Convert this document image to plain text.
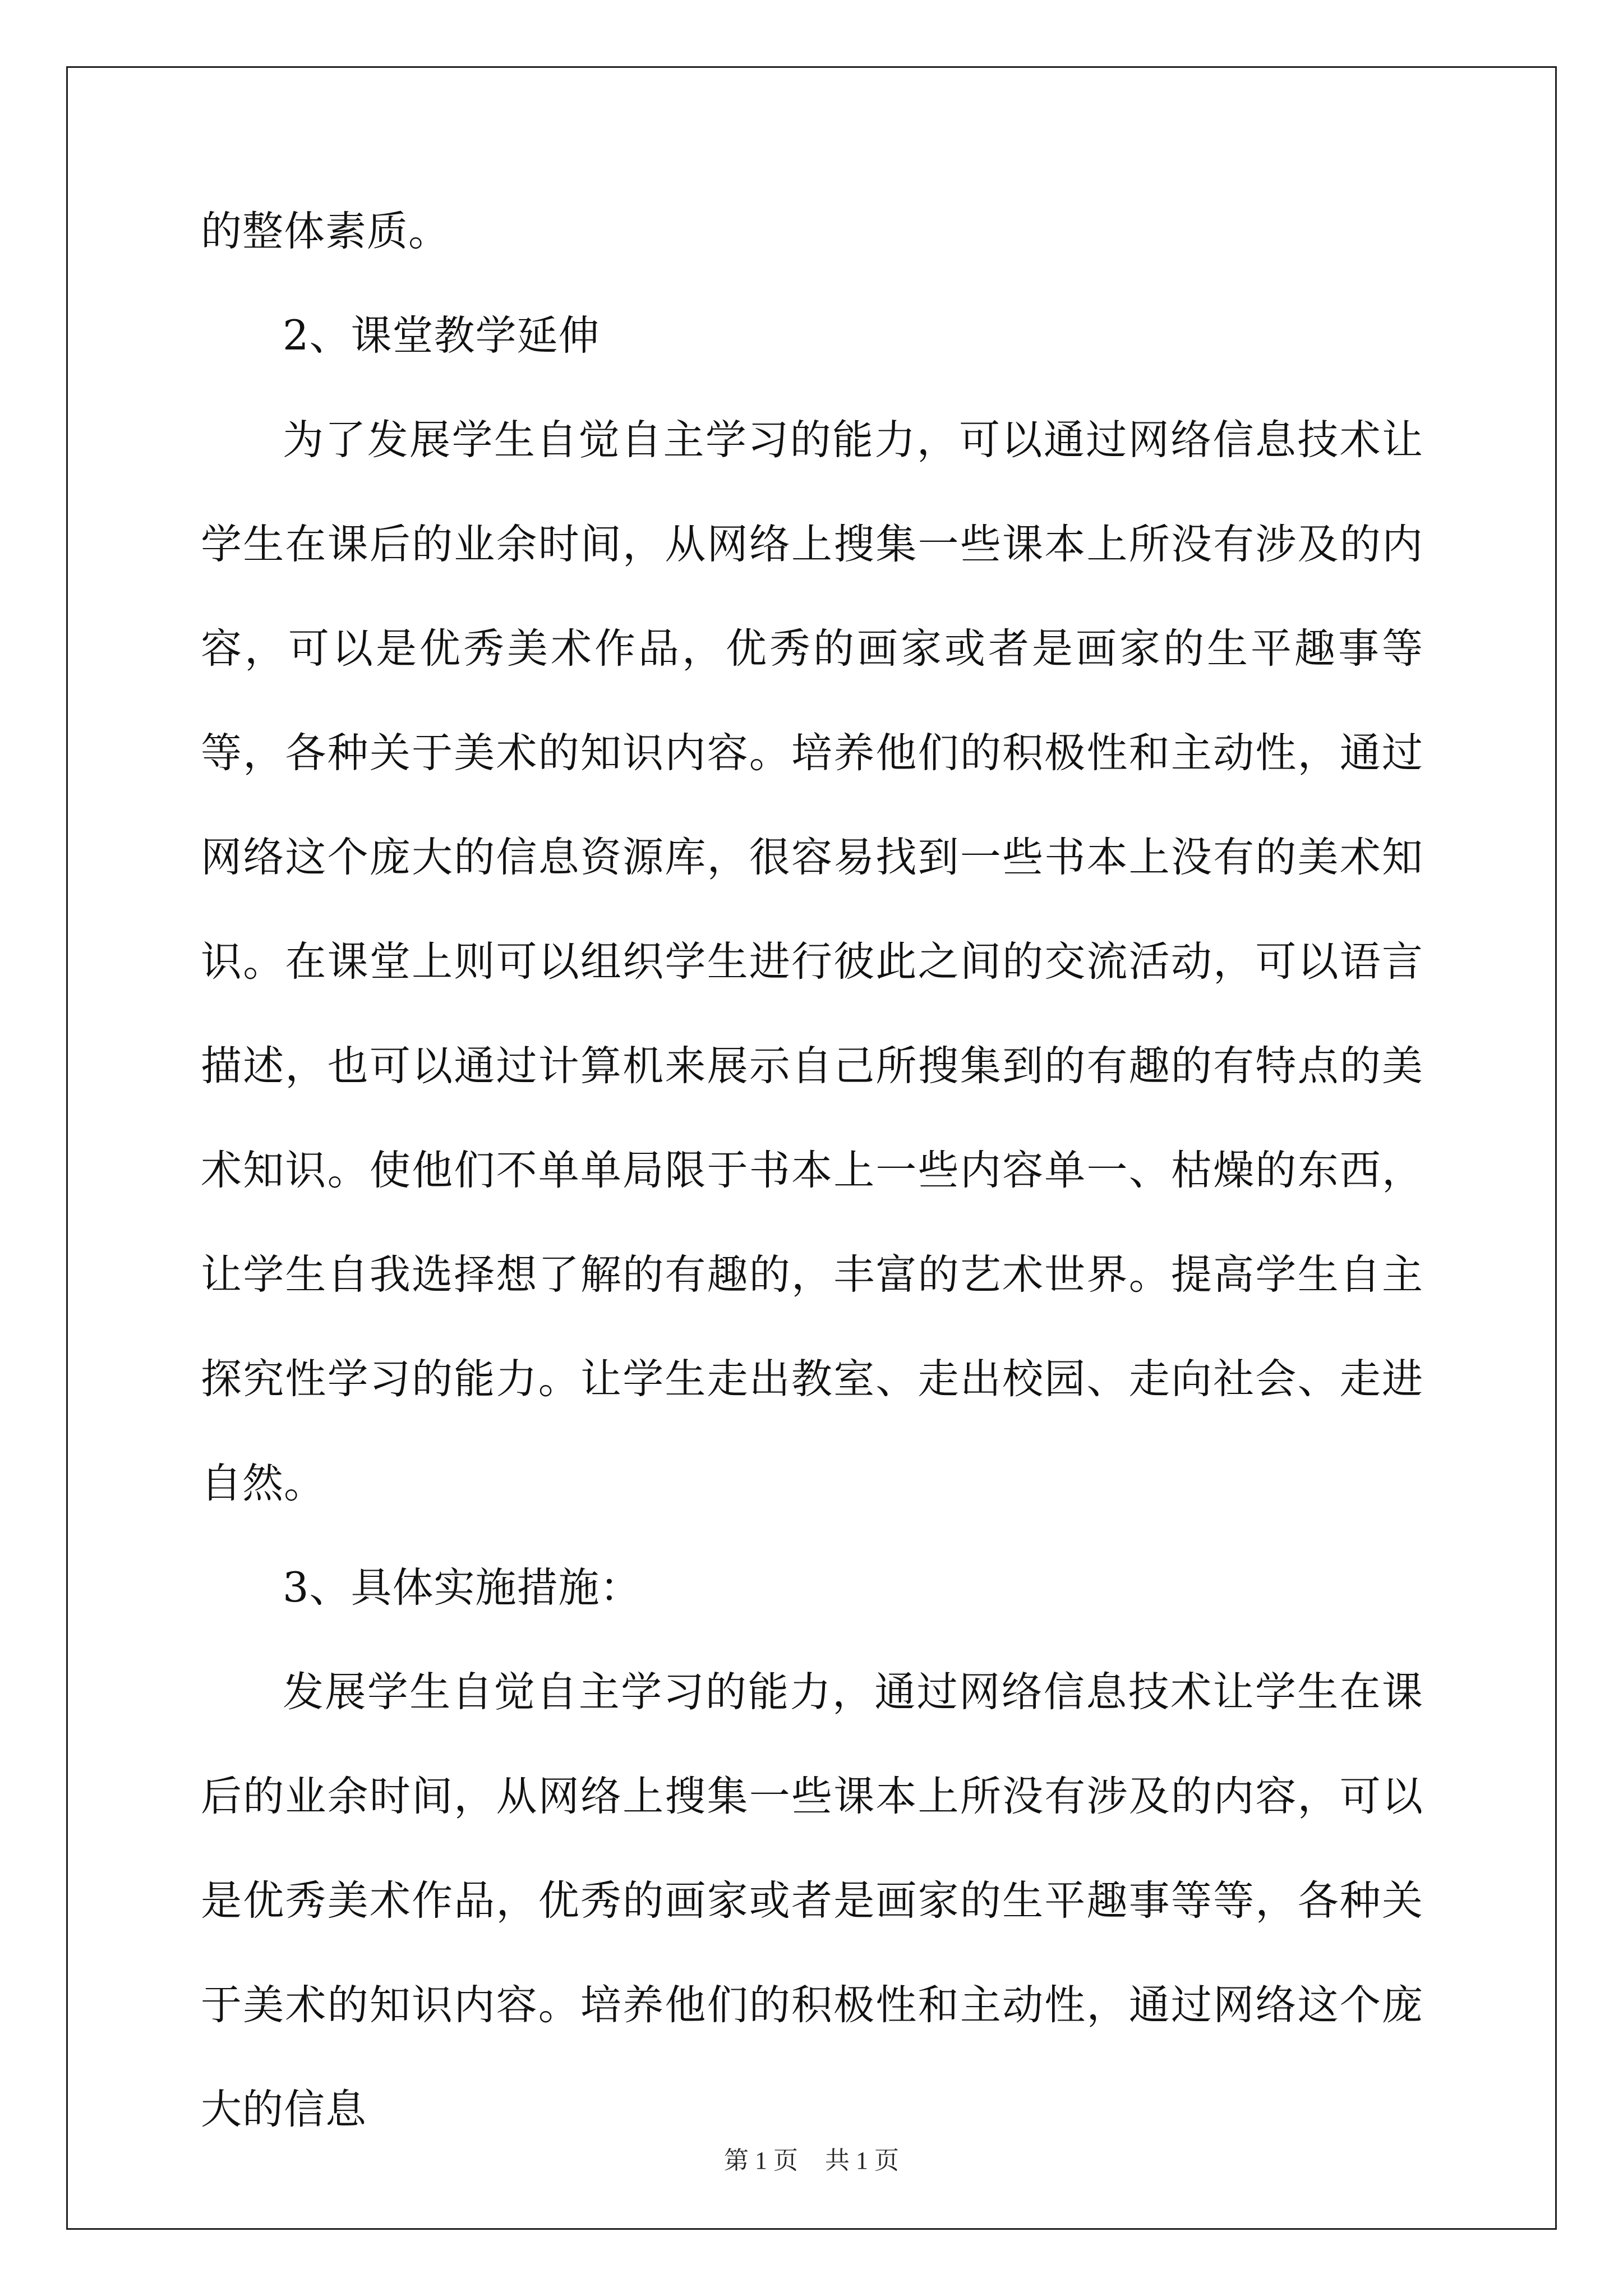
的整体素质。

2、课堂教学延伸

为了发展学生自觉自主学习的能力，可以通过网络信息技术让学生在课后的业余时间，从网络上搜集一些课本上所没有涉及的内容，可以是优秀美术作品，优秀的画家或者是画家的生平趣事等等，各种关于美术的知识内容。培养他们的积极性和主动性，通过网络这个庞大的信息资源库，很容易找到一些书本上没有的美术知识。在课堂上则可以组织学生进行彼此之间的交流活动，可以语言描述，也可以通过计算机来展示自己所搜集到的有趣的有特点的美术知识。使他们不单单局限于书本上一些内容单一、枯燥的东西，让学生自我选择想了解的有趣的，丰富的艺术世界。提高学生自主探究性学习的能力。让学生走出教室、走出校园、走向社会、走进自然。

3、具体实施措施：

发展学生自觉自主学习的能力，通过网络信息技术让学生在课后的业余时间，从网络上搜集一些课本上所没有涉及的内容，可以是优秀美术作品，优秀的画家或者是画家的生平趣事等等，各种关于美术的知识内容。培养他们的积极性和主动性，通过网络这个庞大的信息

第 1 页 共 1 页
